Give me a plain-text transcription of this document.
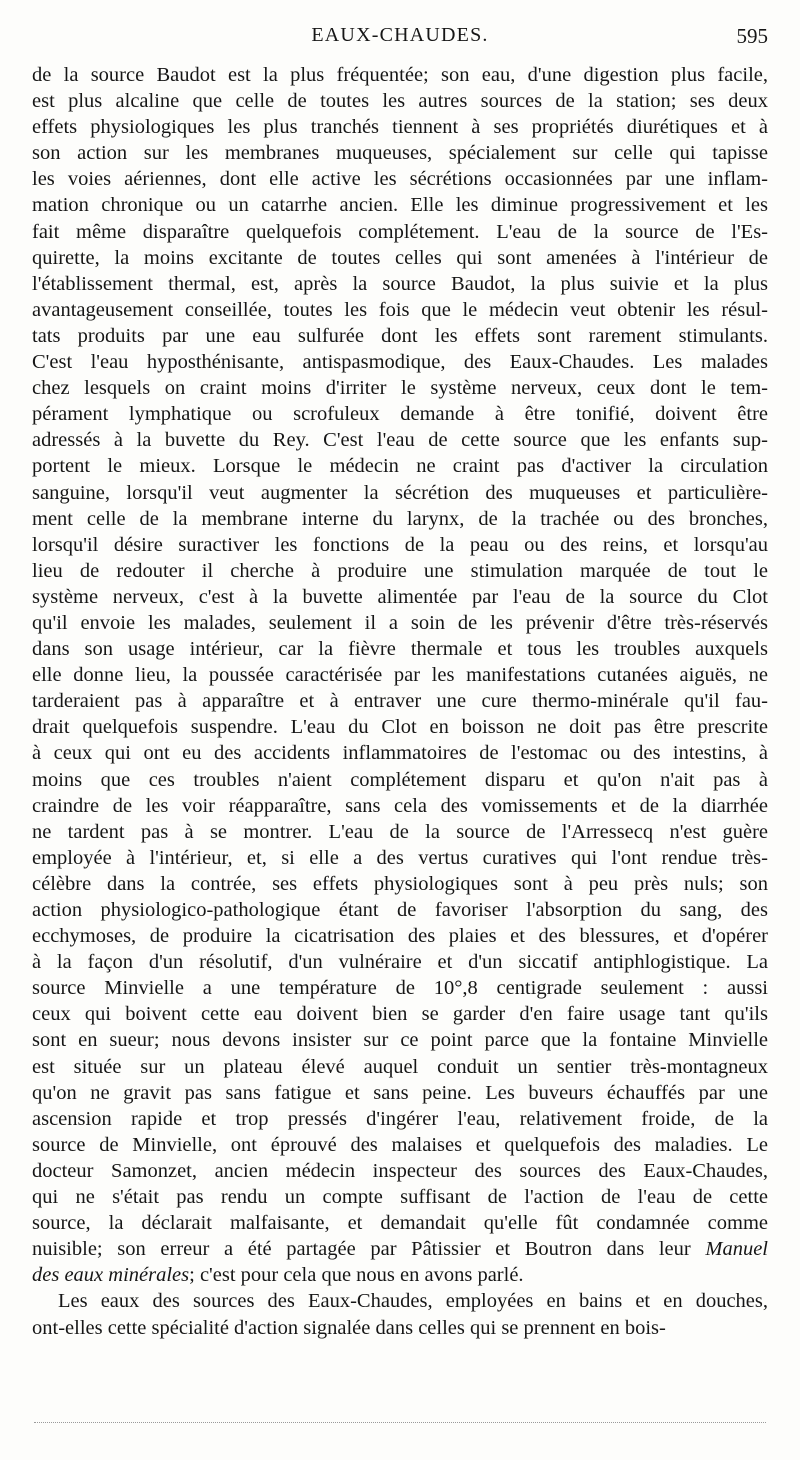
EAUX-CHAUDES.	595
de la source Baudot est la plus fréquentée; son eau, d'une digestion plus facile,
est plus alcaline que celle de toutes les autres sources de la station; ses deux
effets physiologiques les plus tranchés tiennent à ses propriétés diurétiques et à
son action sur les membranes muqueuses, spécialement sur celle qui tapisse
les voies aériennes, dont elle active les sécrétions occasionnées par une inflam-
mation chronique ou un catarrhe ancien. Elle les diminue progressivement et les
fait même disparaître quelquefois complétement. L'eau de la source de l'Es-
quirette, la moins excitante de toutes celles qui sont amenées à l'intérieur de
l'établissement thermal, est, après la source Baudot, la plus suivie et la plus
avantageusement conseillée, toutes les fois que le médecin veut obtenir les résul-
tats produits par une eau sulfurée dont les effets sont rarement stimulants.
C'est l'eau hyposthénisante, antispasmodique, des Eaux-Chaudes. Les malades
chez lesquels on craint moins d'irriter le système nerveux, ceux dont le tem-
pérament lymphatique ou scrofuleux demande à être tonifié, doivent être
adressés à la buvette du Rey. C'est l'eau de cette source que les enfants sup-
portent le mieux. Lorsque le médecin ne craint pas d'activer la circulation
sanguine, lorsqu'il veut augmenter la sécrétion des muqueuses et particulière-
ment celle de la membrane interne du larynx, de la trachée ou des bronches,
lorsqu'il désire suractiver les fonctions de la peau ou des reins, et lorsqu'au
lieu de redouter il cherche à produire une stimulation marquée de tout le
système nerveux, c'est à la buvette alimentée par l'eau de la source du Clot
qu'il envoie les malades, seulement il a soin de les prévenir d'être très-réservés
dans son usage intérieur, car la fièvre thermale et tous les troubles auxquels
elle donne lieu, la poussée caractérisée par les manifestations cutanées aiguës, ne
tarderaient pas à apparaître et à entraver une cure thermo-minérale qu'il fau-
drait quelquefois suspendre. L'eau du Clot en boisson ne doit pas être prescrite
à ceux qui ont eu des accidents inflammatoires de l'estomac ou des intestins, à
moins que ces troubles n'aient complétement disparu et qu'on n'ait pas à
craindre de les voir réapparaître, sans cela des vomissements et de la diarrhée
ne tardent pas à se montrer. L'eau de la source de l'Arressecq n'est guère
employée à l'intérieur, et, si elle a des vertus curatives qui l'ont rendue très-
célèbre dans la contrée, ses effets physiologiques sont à peu près nuls; son
action physiologico-pathologique étant de favoriser l'absorption du sang, des
ecchymoses, de produire la cicatrisation des plaies et des blessures, et d'opérer
à la façon d'un résolutif, d'un vulnéraire et d'un siccatif antiphlogistique. La
source Minvielle a une température de 10°,8 centigrade seulement : aussi
ceux qui boivent cette eau doivent bien se garder d'en faire usage tant qu'ils
sont en sueur; nous devons insister sur ce point parce que la fontaine Minvielle
est située sur un plateau élevé auquel conduit un sentier très-montagneux
qu'on ne gravit pas sans fatigue et sans peine. Les buveurs échauffés par une
ascension rapide et trop pressés d'ingérer l'eau, relativement froide, de la
source de Minvielle, ont éprouvé des malaises et quelquefois des maladies. Le
docteur Samonzet, ancien médecin inspecteur des sources des Eaux-Chaudes,
qui ne s'était pas rendu un compte suffisant de l'action de l'eau de cette
source, la déclarait malfaisante, et demandait qu'elle fût condamnée comme
nuisible; son erreur a été partagée par Pâtissier et Boutron dans leur Manuel
des eaux minérales; c'est pour cela que nous en avons parlé.
Les eaux des sources des Eaux-Chaudes, employées en bains et en douches,
ont-elles cette spécialité d'action signalée dans celles qui se prennent en bois-
